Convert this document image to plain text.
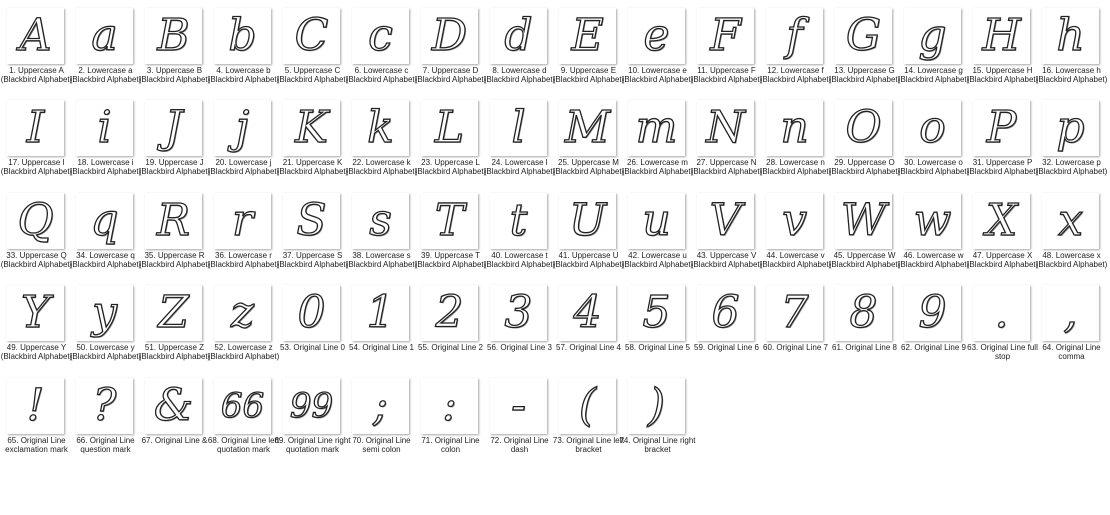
A
1. Uppercase A (Blackbird Alphabet)
a
2. Lowercase a (Blackbird Alphabet)
B
3. Uppercase B (Blackbird Alphabet)
b
4. Lowercase b (Blackbird Alphabet)
C
5. Uppercase C (Blackbird Alphabet)
c
6. Lowercase c (Blackbird Alphabet)
D
7. Uppercase D (Blackbird Alphabet)
d
8. Lowercase d (Blackbird Alphabet)
E
9. Uppercase E (Blackbird Alphabet)
e
10. Lowercase e (Blackbird Alphabet)
F
11. Uppercase F (Blackbird Alphabet)
f
12. Lowercase f (Blackbird Alphabet)
G
13. Uppercase G (Blackbird Alphabet)
g
14. Lowercase g (Blackbird Alphabet)
H
15. Uppercase H (Blackbird Alphabet)
h
16. Lowercase h (Blackbird Alphabet)
I
17. Uppercase I (Blackbird Alphabet)
i
18. Lowercase i (Blackbird Alphabet)
J
19. Uppercase J (Blackbird Alphabet)
j
20. Lowercase j (Blackbird Alphabet)
K
21. Uppercase K (Blackbird Alphabet)
k
22. Lowercase k (Blackbird Alphabet)
L
23. Uppercase L (Blackbird Alphabet)
l
24. Lowercase l (Blackbird Alphabet)
M
25. Uppercase M (Blackbird Alphabet)
m
26. Lowercase m (Blackbird Alphabet)
N
27. Uppercase N (Blackbird Alphabet)
n
28. Lowercase n (Blackbird Alphabet)
O
29. Uppercase O (Blackbird Alphabet)
o
30. Lowercase o (Blackbird Alphabet)
P
31. Uppercase P (Blackbird Alphabet)
p
32. Lowercase p (Blackbird Alphabet)
Q
33. Uppercase Q (Blackbird Alphabet)
q
34. Lowercase q (Blackbird Alphabet)
R
35. Uppercase R (Blackbird Alphabet)
r
36. Lowercase r (Blackbird Alphabet)
S
37. Uppercase S (Blackbird Alphabet)
s
38. Lowercase s (Blackbird Alphabet)
T
39. Uppercase T (Blackbird Alphabet)
t
40. Lowercase t (Blackbird Alphabet)
U
41. Uppercase U (Blackbird Alphabet)
u
42. Lowercase u (Blackbird Alphabet)
V
43. Uppercase V (Blackbird Alphabet)
v
44. Lowercase v (Blackbird Alphabet)
W
45. Uppercase W (Blackbird Alphabet)
w
46. Lowercase w (Blackbird Alphabet)
X
47. Uppercase X (Blackbird Alphabet)
x
48. Lowercase x (Blackbird Alphabet)
Y
49. Uppercase Y (Blackbird Alphabet)
y
50. Lowercase y (Blackbird Alphabet)
Z
51. Uppercase Z (Blackbird Alphabet)
z
52. Lowercase z (Blackbird Alphabet)
0
53. Original Line 0
1
54. Original Line 1
2
55. Original Line 2
3
56. Original Line 3
4
57. Original Line 4
5
58. Original Line 5
6
59. Original Line 6
7
60. Original Line 7
8
61. Original Line 8
9
62. Original Line 9
.
63. Original Line full stop
,
64. Original Line comma
!
65. Original Line exclamation mark
?
66. Original Line question mark
&
67. Original Line &
66
68. Original Line left quotation mark
99
69. Original Line right quotation mark
;
70. Original Line semi colon
:
71. Original Line colon
-
72. Original Line dash
(
73. Original Line left bracket
)
74. Original Line right bracket
